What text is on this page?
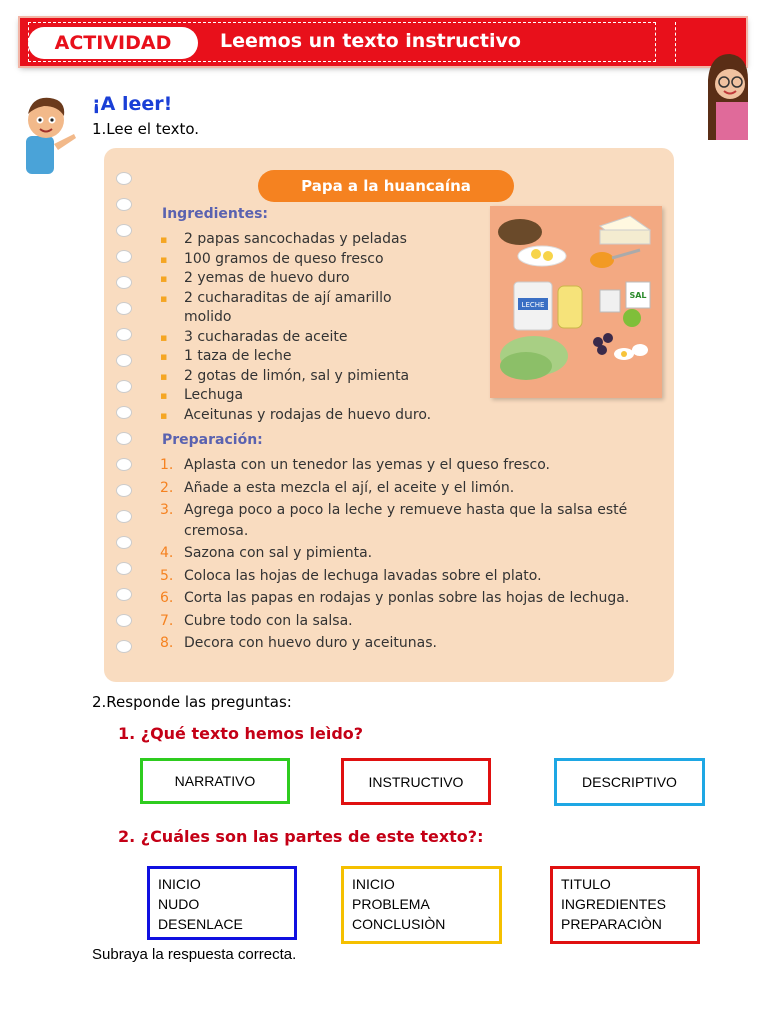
ACTIVIDAD	Leemos un texto instructivo
¡A leer!
1.Lee el texto.
Papa a la huancaína
Ingredientes:
▪ 2 papas sancochadas y peladas
▪ 100 gramos de queso fresco
▪ 2 yemas de huevo duro
▪ 2 cucharaditas de ají amarillo molido
▪ 3 cucharadas de aceite
▪ 1 taza de leche
▪ 2 gotas de limón, sal y pimienta
▪ Lechuga
▪ Aceitunas y rodajas de huevo duro.
LECHE
SAL
Preparación:
1. Aplasta con un tenedor las yemas y el queso fresco.
2. Añade a esta mezcla el ají, el aceite y el limón.
3. Agrega poco a poco la leche y remueve hasta que la salsa esté cremosa.
4. Sazona con sal y pimienta.
5. Coloca las hojas de lechuga lavadas sobre el plato.
6. Corta las papas en rodajas y ponlas sobre las hojas de lechuga.
7. Cubre todo con la salsa.
8. Decora con huevo duro y aceitunas.
2.Responde las preguntas:
1. ¿Qué texto hemos leìdo?
NARRATIVO	INSTRUCTIVO	DESCRIPTIVO
2. ¿Cuáles son las partes de este texto?:
INICIO
NUDO
DESENLACE
INICIO
PROBLEMA
CONCLUSIÒN
TITULO
INGREDIENTES
PREPARACIÒN
Subraya la respuesta correcta.
